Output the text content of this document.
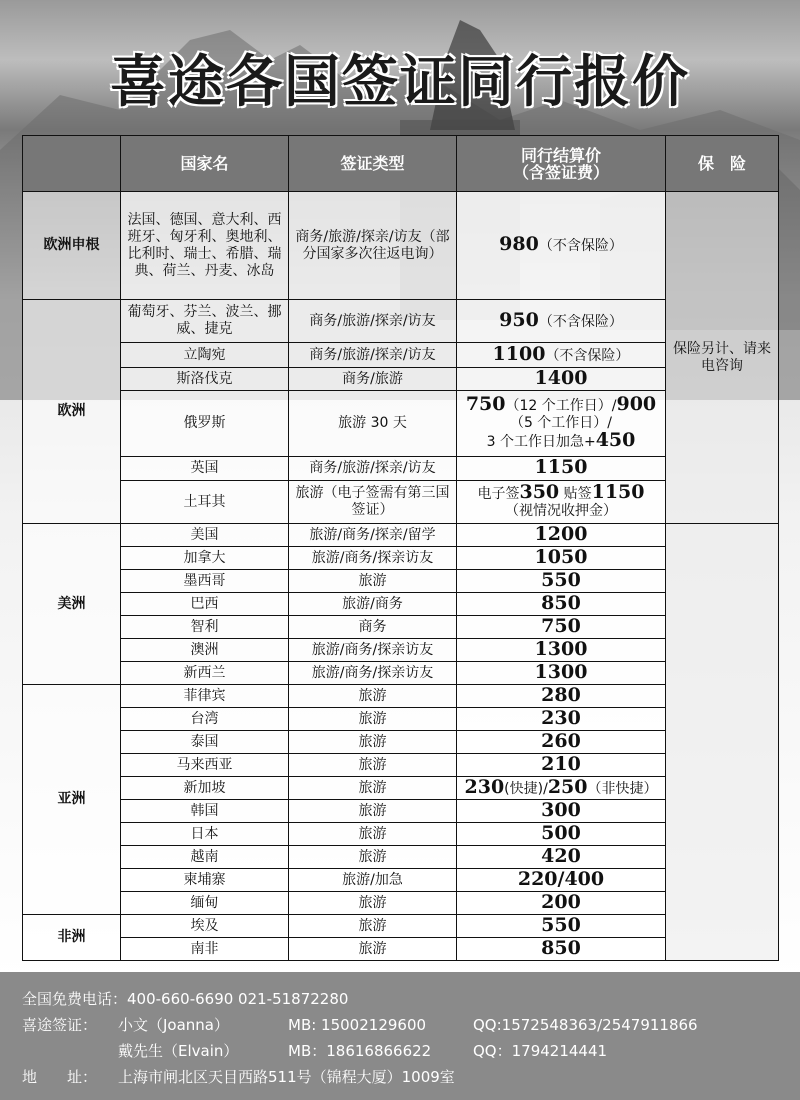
喜途各国签证同行报价
	国家名	签证类型	同行结算价
（含签证费）	保　险
欧洲申根	法国、德国、意大利、西班牙、匈牙利、奥地利、比利时、瑞士、希腊、瑞典、荷兰、丹麦、冰岛	商务/旅游/探亲/访友（部分国家多次往返电询）	980（不含保险）	保险另计、请来电咨询
欧洲	葡萄牙、芬兰、波兰、挪威、捷克	商务/旅游/探亲/访友	950（不含保险）	
	立陶宛	商务/旅游/探亲/访友	1100（不含保险）	
	斯洛伐克	商务/旅游	1400	
	俄罗斯	旅游 30 天	750（12 个工作日）/900
（5 个工作日）/
3 个工作日加急+450	
	英国	商务/旅游/探亲/访友	1150	
	土耳其	旅游（电子签需有第三国签证）	电子签350 贴签1150
（视情况收押金）	
美洲	美国	旅游/商务/探亲/留学	1200	
	加拿大	旅游/商务/探亲访友	1050	
	墨西哥	旅游	550	
	巴西	旅游/商务	850	
	智利	商务	750	
	澳洲	旅游/商务/探亲访友	1300	
	新西兰	旅游/商务/探亲访友	1300	
亚洲	菲律宾	旅游	280	
	台湾	旅游	230	
	泰国	旅游	260	
	马来西亚	旅游	210	
	新加坡	旅游	230(快捷)/250（非快捷）	
	韩国	旅游	300	
	日本	旅游	500	
	越南	旅游	420	
	柬埔寨	旅游/加急	220/400	
	缅甸	旅游	200	
非洲	埃及	旅游	550	
	南非	旅游	850	
全国免费电话：400-660-6690 021-51872280
喜途签证： 小文（Joanna）	MB: 15002129600	QQ:1572548363/2547911866
戴先生（Elvain）	MB：18616866622	QQ：1794214441
地　　址： 上海市闸北区天目西路511号（锦程大厦）1009室
